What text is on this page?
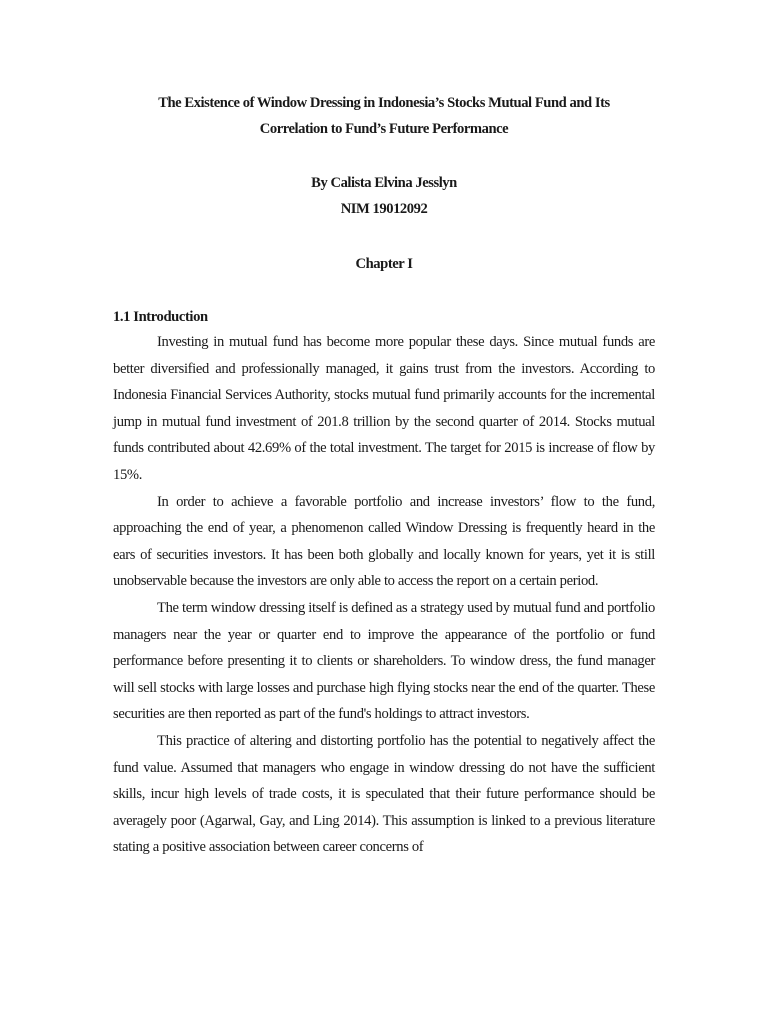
The Existence of Window Dressing in Indonesia’s Stocks Mutual Fund and Its

Correlation to Fund’s Future Performance

By Calista Elvina Jesslyn

NIM 19012092

Chapter I

1.1 Introduction

Investing in mutual fund has become more popular these days. Since mutual funds are better diversified and professionally managed, it gains trust from the investors. According to Indonesia Financial Services Authority, stocks mutual fund primarily accounts for the incremental jump in mutual fund investment of 201.8 trillion by the second quarter of 2014. Stocks mutual funds contributed about 42.69% of the total investment. The target for 2015 is increase of flow by 15%.

In order to achieve a favorable portfolio and increase investors’ flow to the fund, approaching the end of year, a phenomenon called Window Dressing is frequently heard in the ears of securities investors. It has been both globally and locally known for years, yet it is still unobservable because the investors are only able to access the report on a certain period.

The term window dressing itself is defined as a strategy used by mutual fund and portfolio managers near the year or quarter end to improve the appearance of the portfolio or fund performance before presenting it to clients or shareholders. To window dress, the fund manager will sell stocks with large losses and purchase high flying stocks near the end of the quarter. These securities are then reported as part of the fund's holdings to attract investors.

This practice of altering and distorting portfolio has the potential to negatively affect the fund value. Assumed that managers who engage in window dressing do not have the sufficient skills, incur high levels of trade costs, it is speculated that their future performance should be averagely poor (Agarwal, Gay, and Ling 2014). This assumption is linked to a previous literature stating a positive association between career concerns of
